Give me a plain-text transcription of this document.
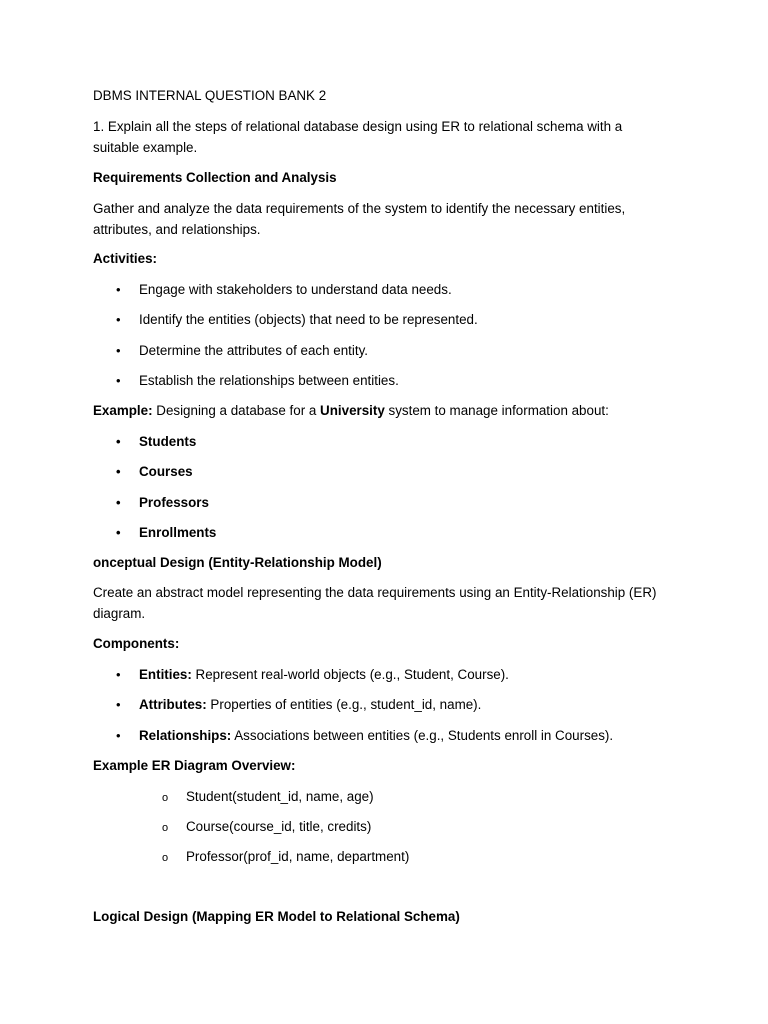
DBMS INTERNAL QUESTION BANK 2
1. Explain all the steps of relational database design using ER to relational schema with a suitable example.
Requirements Collection and Analysis
Gather and analyze the data requirements of the system to identify the necessary entities, attributes, and relationships.
Activities:
• Engage with stakeholders to understand data needs.
• Identify the entities (objects) that need to be represented.
• Determine the attributes of each entity.
• Establish the relationships between entities.
Example: Designing a database for a University system to manage information about:
• Students
• Courses
• Professors
• Enrollments
onceptual Design (Entity-Relationship Model)
Create an abstract model representing the data requirements using an Entity-Relationship (ER) diagram.
Components:
• Entities: Represent real-world objects (e.g., Student, Course).
• Attributes: Properties of entities (e.g., student_id, name).
• Relationships: Associations between entities (e.g., Students enroll in Courses).
Example ER Diagram Overview:
o Student(student_id, name, age)
o Course(course_id, title, credits)
o Professor(prof_id, name, department)
Logical Design (Mapping ER Model to Relational Schema)
